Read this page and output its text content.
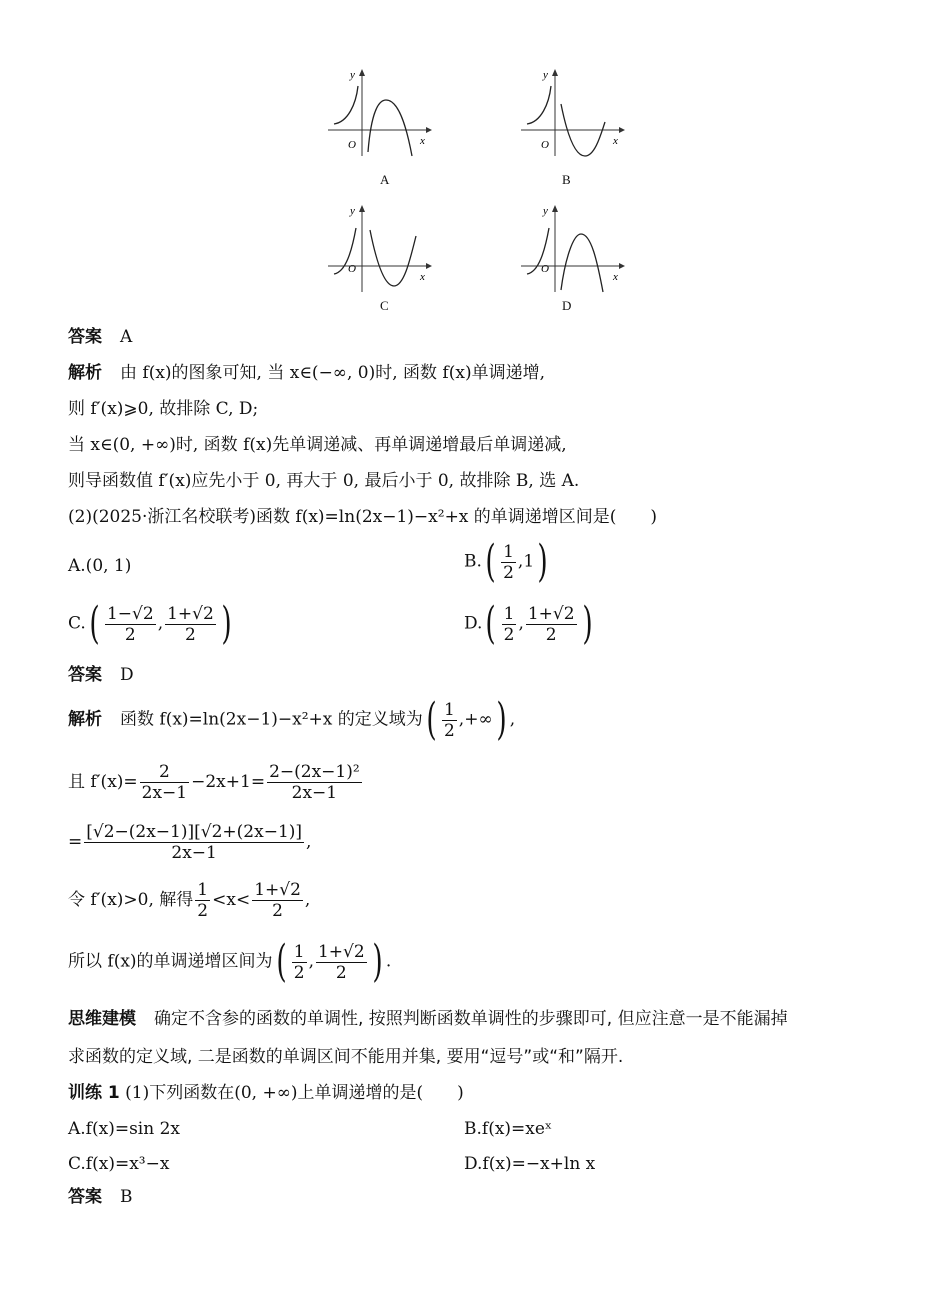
y
x
O
A
y
x
O
B
y
x
O
C
y
x
O
D
答案 A
解析 由 f(x)的图象可知, 当 x∈(−∞, 0)时, 函数 f(x)单调递增,
则 f′(x)⩾0, 故排除 C, D;
当 x∈(0, +∞)时, 函数 f(x)先单调递减、再单调递增最后单调递减,
则导函数值 f′(x)应先小于 0, 再大于 0, 最后小于 0, 故排除 B, 选 A.
(2)(2025·浙江名校联考)函数 f(x)=ln(2x−1)−x²+x 的单调递增区间是(　　)
A.(0, 1)	$B.( \frac{1}{2} ,1)$
$C.( \frac{1-√2}{2}$ , $\frac{1+√2}{2}$ )	$D.( \frac{1}{2}$ , $\frac{1+√2}{2}$ )
答案 D
解析 函数 f(x)=ln(2x−1)−x²+x 的定义域为( $\frac{1}{2}$ ,+∞) ,
且 $f'(x)= \frac{2}{2x-1} -2x+1= \frac{\text{2−(2x−1)²}}{2x-1}$
= $\frac{[√2-(2x-1)][√2+(2x-1)]}{2x-1}$ ,
令 f′(x)>0, 解得 $\frac{1}{2} <x< \frac{1+√2}{2}$ ,
所以 f(x)的单调递增区间为( $\frac{1}{2}$ , $\frac{1+√2}{2}$ ) .
思维建模 确定不含参的函数的单调性, 按照判断函数单调性的步骤即可, 但应注意一是不能漏掉
求函数的定义域, 二是函数的单调区间不能用并集, 要用“逗号”或“和”隔开.
训练 1 (1)下列函数在(0, +∞)上单调递增的是(　　)
A.f(x)=sin 2x	B.f(x)=xeˣ
C.f(x)=x³−x	D.f(x)=−x+ln x
答案 B
